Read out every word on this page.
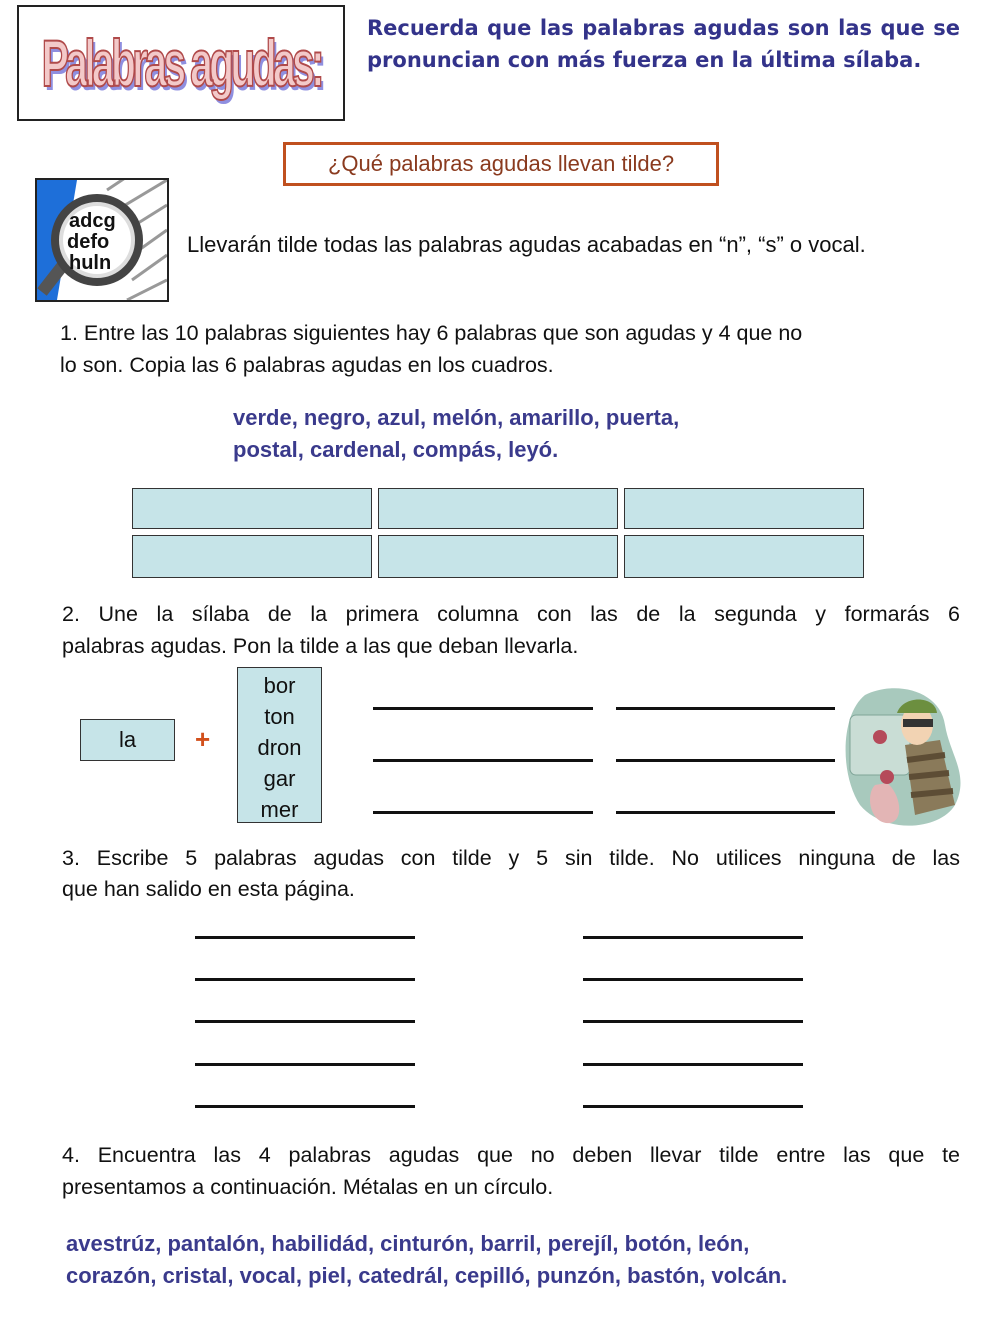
Palabras agudas: Recuerda que las palabras agudas son las que se pronuncian con más fuerza en la última sílaba.
¿Qué palabras agudas llevan tilde?
adcg
defo
huln
Llevarán tilde todas las palabras agudas acabadas en “n”, “s” o vocal.
1. Entre las 10 palabras siguientes hay 6 palabras que son agudas y 4 que no
lo son. Copia las 6 palabras agudas en los cuadros.
verde, negro, azul, melón, amarillo, puerta,
postal, cardenal, compás, leyó.
2. Une la sílaba de la primera columna con las de la segunda y formarás 6
palabras agudas. Pon la tilde a las que deban llevarla.
la	+
bor
ton
dron
gar
mer
3. Escribe 5 palabras agudas con tilde y 5 sin tilde. No utilices ninguna de las
que han salido en esta página.
4. Encuentra las 4 palabras agudas que no deben llevar tilde entre las que te
presentamos a continuación. Métalas en un círculo.
avestrúz, pantalón, habilidád, cinturón, barril, perejíl, botón, león,
corazón, cristal, vocal, piel, catedrál, cepilló, punzón, bastón, volcán.
